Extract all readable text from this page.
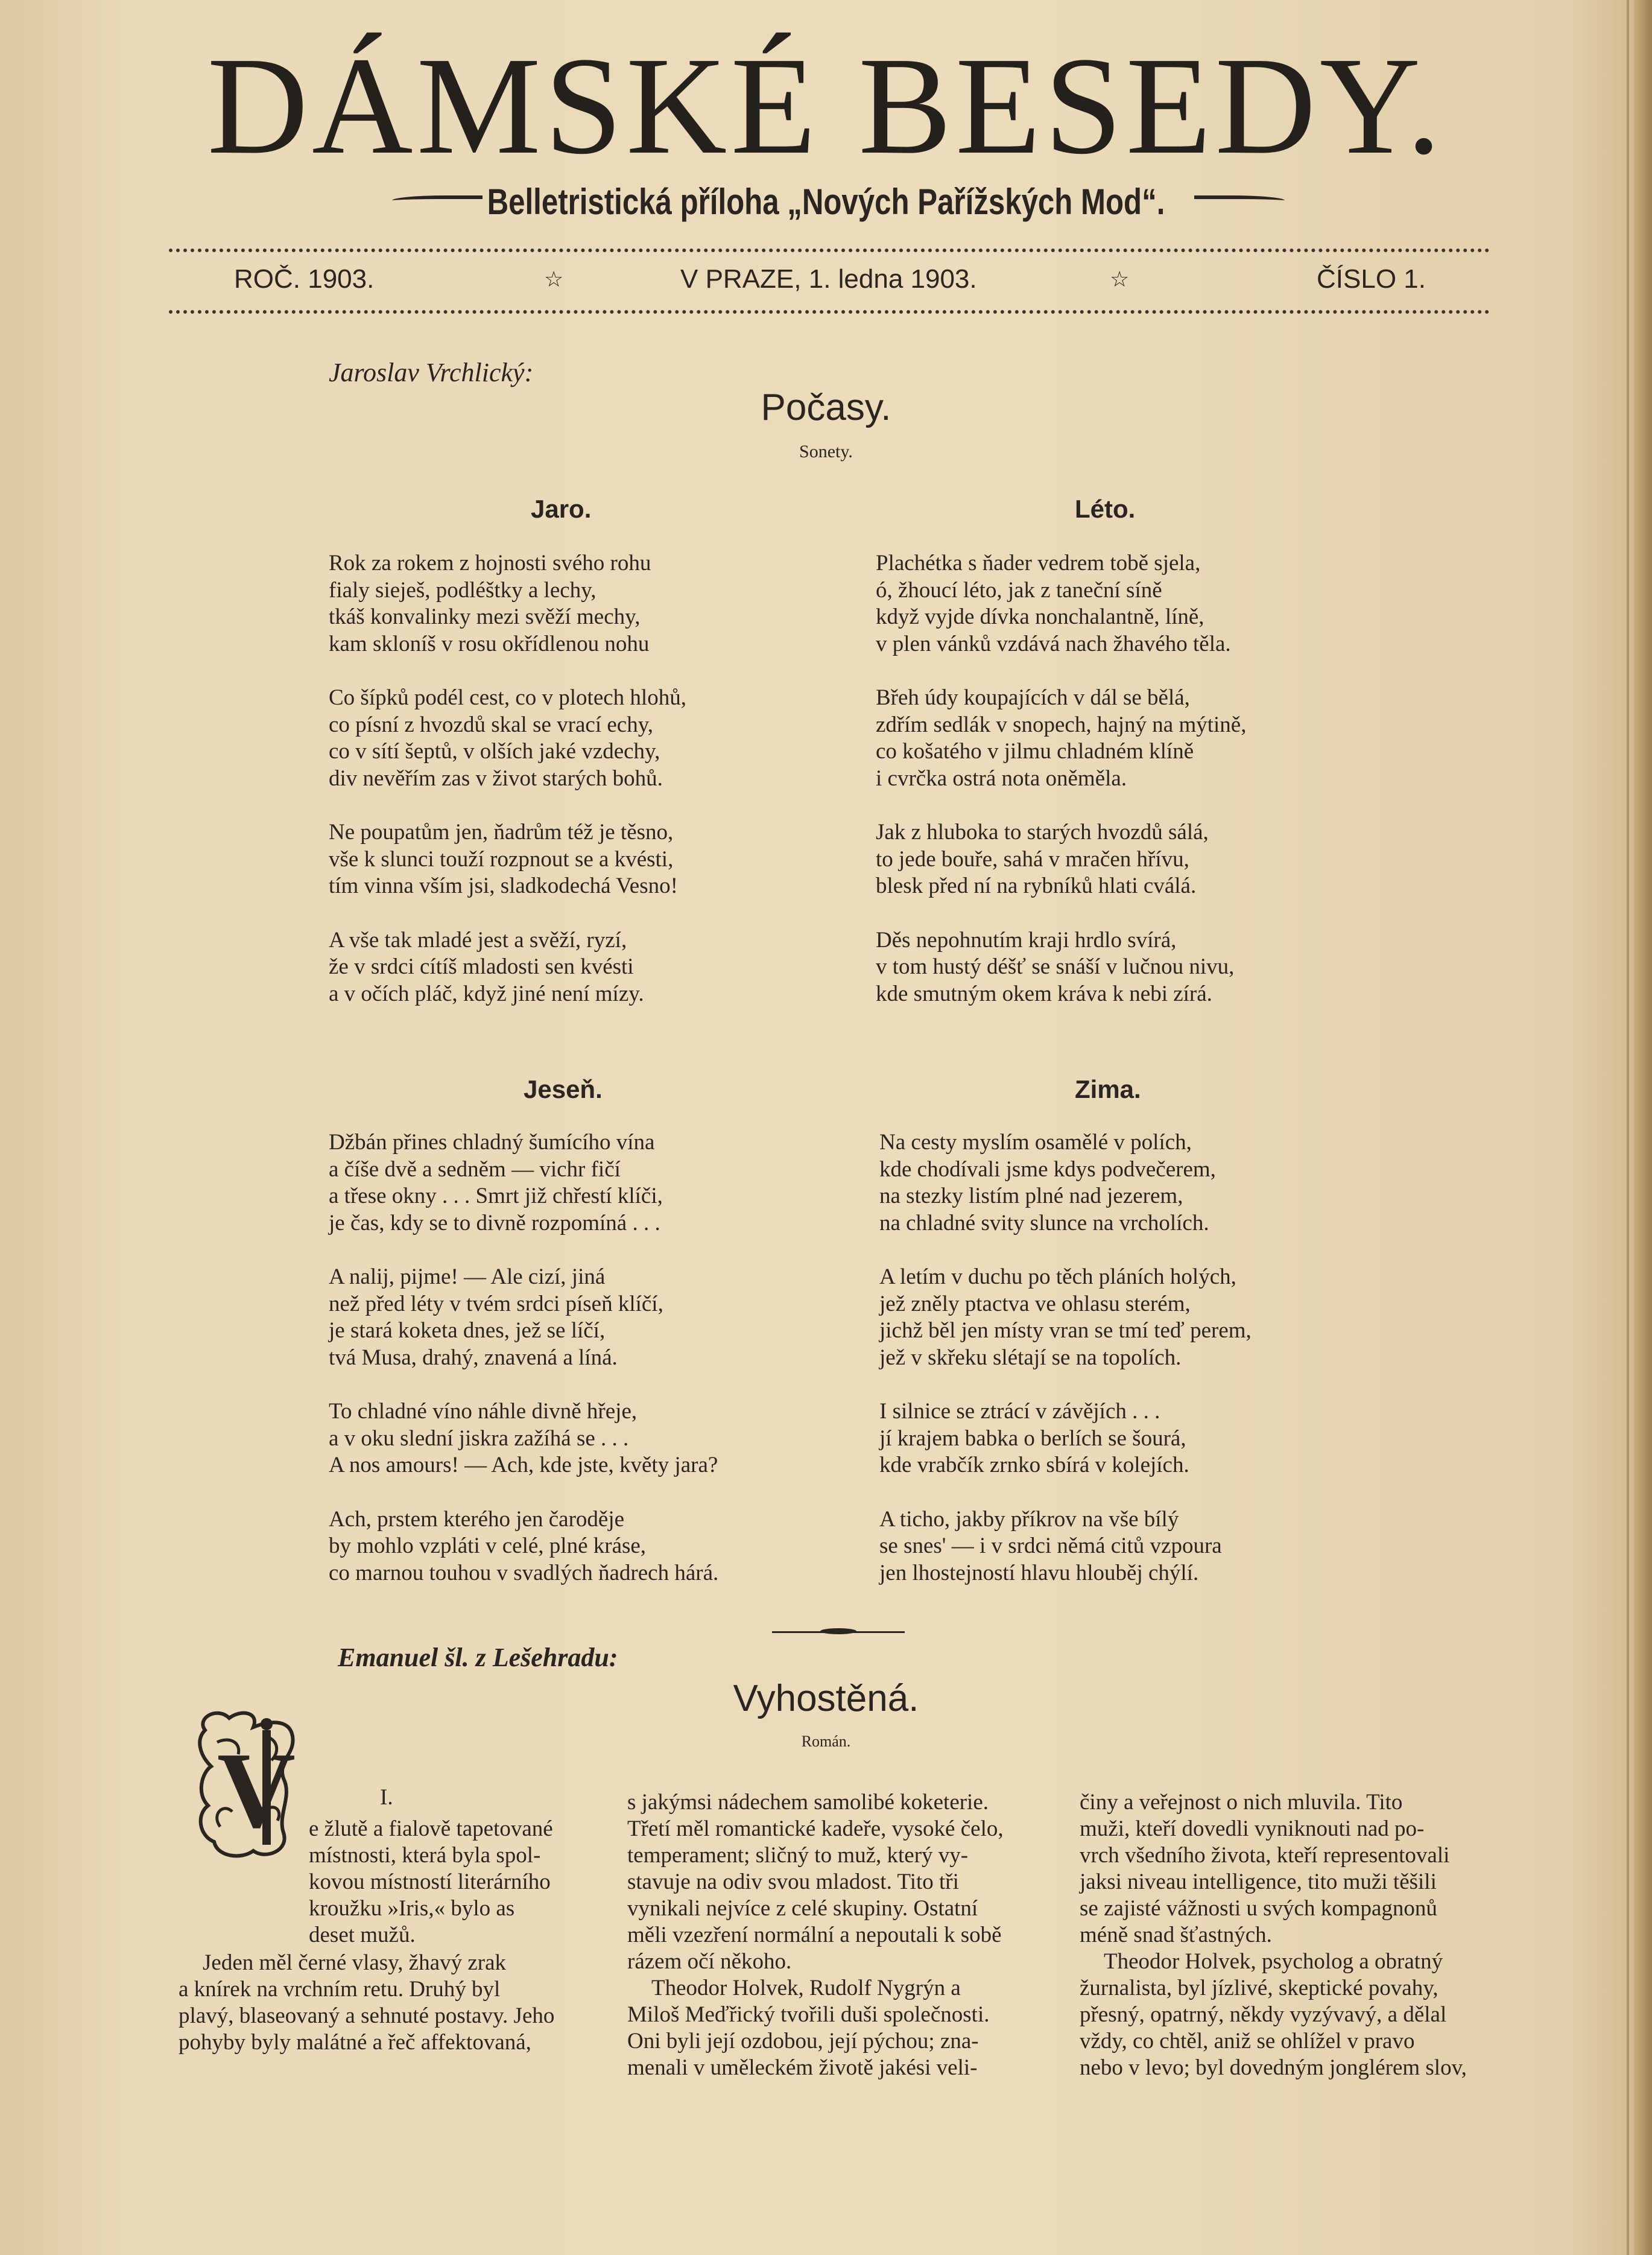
DÁMSKÉ BESEDY.
Belletristická příloha „Nových Pařížských Mod“.
ROČ. 1903.	☆	V PRAZE, 1. ledna 1903.	☆	ČÍSLO 1.
Jaroslav Vrchlický:
Počasy.
Sonety.
Jaro.
Rok za rokem z hojnosti svého rohu
fialy sieješ, podléštky a lechy,
tkáš konvalinky mezi svěží mechy,
kam skloníš v rosu okřídlenou nohu
Co šípků podél cest, co v plotech hlohů,
co písní z hvozdů skal se vrací echy,
co v sítí šeptů, v olších jaké vzdechy,
div nevěřím zas v život starých bohů.
Ne poupatům jen, ňadrům též je těsno,
vše k slunci touží rozpnout se a kvésti,
tím vinna vším jsi, sladkodechá Vesno!
A vše tak mladé jest a svěží, ryzí,
že v srdci cítíš mladosti sen kvésti
a v očích pláč, když jiné není mízy.
Léto.
Plachétka s ňader vedrem tobě sjela,
ó, žhoucí léto, jak z taneční síně
když vyjde dívka nonchalantně, líně,
v plen vánků vzdává nach žhavého těla.
Břeh údy koupajících v dál se bělá,
zdřím sedlák v snopech, hajný na mýtině,
co košatého v jilmu chladném klíně
i cvrčka ostrá nota oněměla.
Jak z hluboka to starých hvozdů sálá,
to jede bouře, sahá v mračen hřívu,
blesk před ní na rybníků hlati cválá.
Děs nepohnutím kraji hrdlo svírá,
v tom hustý déšť se snáší v lučnou nivu,
kde smutným okem kráva k nebi zírá.
Jeseň.
Džbán přines chladný šumícího vína
a číše dvě a sedněm — vichr fičí
a třese okny . . . Smrt již chřestí klíči,
je čas, kdy se to divně rozpomíná . . .
A nalij, pijme! — Ale cizí, jiná
než před léty v tvém srdci píseň klíčí,
je stará koketa dnes, jež se líčí,
tvá Musa, drahý, znavená a líná.
To chladné víno náhle divně hřeje,
a v oku slední jiskra zažíhá se . . .
A nos amours! — Ach, kde jste, květy jara?
Ach, prstem kterého jen čaroděje
by mohlo vzpláti v celé, plné kráse,
co marnou touhou v svadlých ňadrech hárá.
Zima.
Na cesty myslím osamělé v polích,
kde chodívali jsme kdys podvečerem,
na stezky listím plné nad jezerem,
na chladné svity slunce na vrcholích.
A letím v duchu po těch pláních holých,
jež zněly ptactva ve ohlasu sterém,
jichž běl jen místy vran se tmí teď perem,
jež v skřeku slétají se na topolích.
I silnice se ztrácí v závějích . . .
jí krajem babka o berlích se šourá,
kde vrabčík zrnko sbírá v kolejích.
A ticho, jakby příkrov na vše bílý
se snes' — i v srdci němá citů vzpoura
jen lhostejností hlavu hlouběj chýlí.
Emanuel šl. z Lešehradu:
Vyhostěná.
Román.
V	I.
e žlutě a fialově tapetované
místnosti, která byla spol-
kovou místností literárního
kroužku »Iris,« bylo as
deset mužů.
Jeden měl černé vlasy, žhavý zrak
a knírek na vrchním retu. Druhý byl
plavý, blaseovaný a sehnuté postavy. Jeho
pohyby byly malátné a řeč affektovaná,
s jakýmsi nádechem samolibé koketerie.
Třetí měl romantické kadeře, vysoké čelo,
temperament; sličný to muž, který vy-
stavuje na odiv svou mladost. Tito tři
vynikali nejvíce z celé skupiny. Ostatní
měli vzezření normální a nepoutali k sobě
rázem očí někoho.
Theodor Holvek, Rudolf Nygrýn a
Miloš Meďřický tvořili duši společnosti.
Oni byli její ozdobou, její pýchou; zna-
menali v uměleckém životě jakési veli-
činy a veřejnost o nich mluvila. Tito
muži, kteří dovedli vyniknouti nad po-
vrch všedního života, kteří representovali
jaksi niveau intelligence, tito muži těšili
se zajisté vážnosti u svých kompagnonů
méně snad šťastných.
Theodor Holvek, psycholog a obratný
žurnalista, byl jízlivé, skeptické povahy,
přesný, opatrný, někdy vyzývavý, a dělal
vždy, co chtěl, aniž se ohlížel v pravo
nebo v levo; byl dovedným jonglérem slov,
